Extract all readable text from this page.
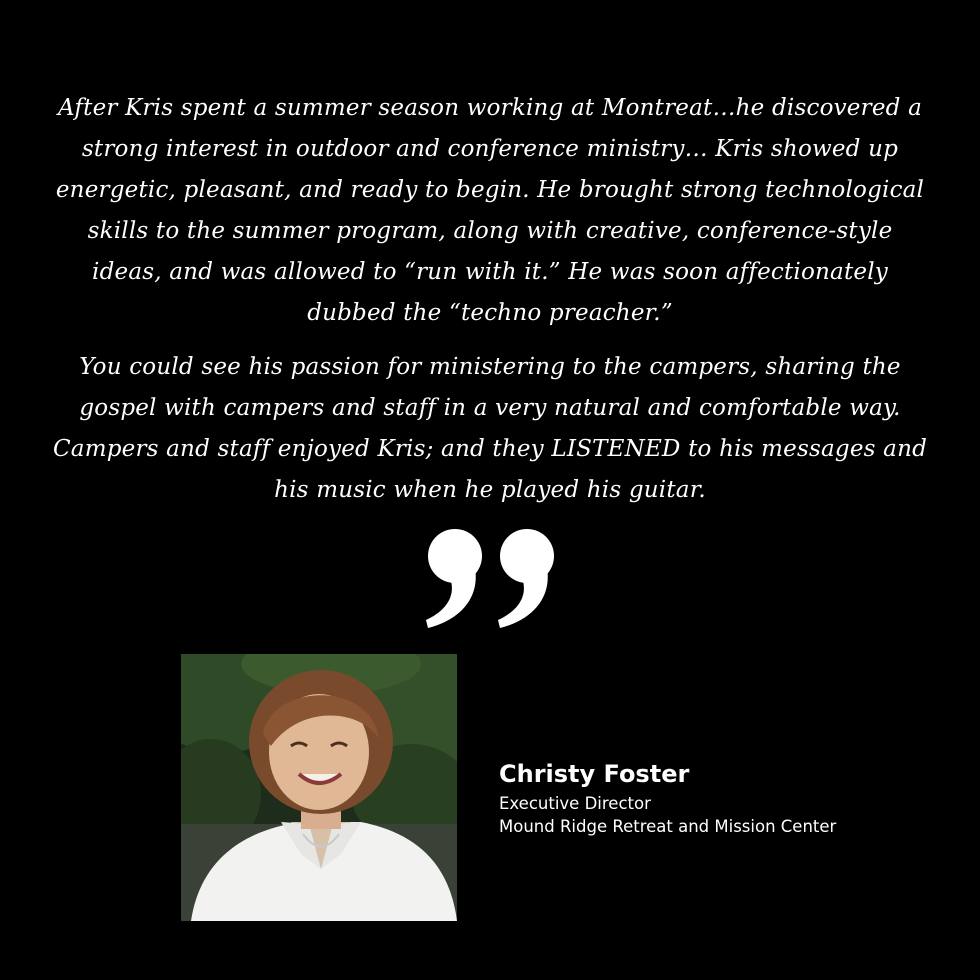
After Kris spent a summer season working at Montreat…he discovered a strong interest in outdoor and conference ministry… Kris showed up energetic, pleasant, and ready to begin. He brought strong technological skills to the summer program, along with creative, conference-style ideas, and was allowed to “run with it.” He was soon affectionately dubbed the “techno preacher.”

You could see his passion for ministering to the campers, sharing the gospel with campers and staff in a very natural and comfortable way. Campers and staff enjoyed Kris; and they LISTENED to his messages and his music when he played his guitar.

Christy Foster
Executive Director
Mound Ridge Retreat and Mission Center
